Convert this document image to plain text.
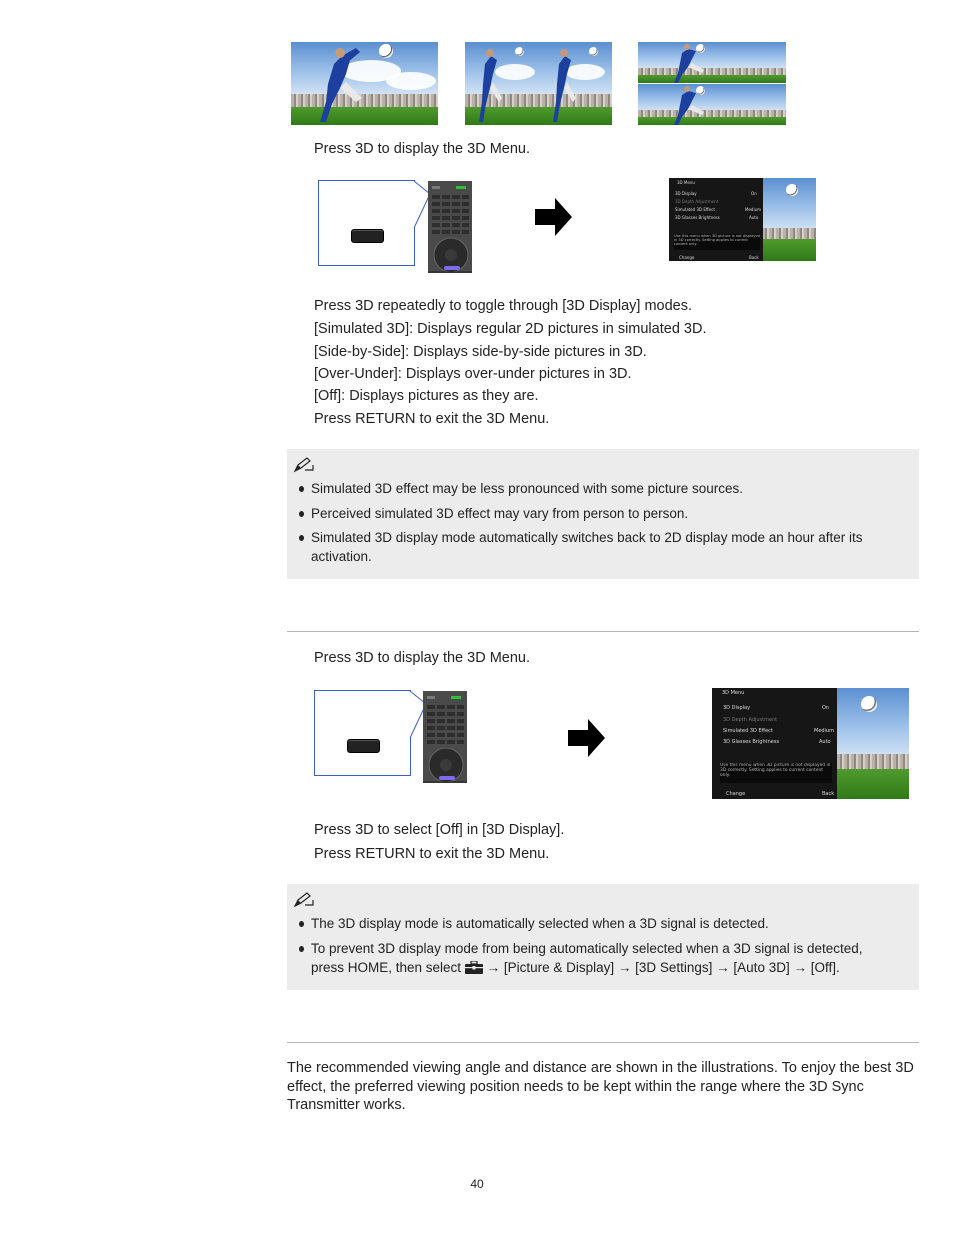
Press 3D to display the 3D Menu.
3D Menu
3D Display	On
3D Depth Adjustment
Simulated 3D Effect	Medium
3D Glasses Brightness	Auto
Use this menu when 3D picture is not displayed in 3D correctly. Setting applies to current content only.
Change	Back
Press 3D repeatedly to toggle through [3D Display] modes.
[Simulated 3D]: Displays regular 2D pictures in simulated 3D.
[Side-by-Side]: Displays side-by-side pictures in 3D.
[Over-Under]: Displays over-under pictures in 3D.
[Off]: Displays pictures as they are.
Press RETURN to exit the 3D Menu.
Simulated 3D effect may be less pronounced with some picture sources.
Perceived simulated 3D effect may vary from person to person.
Simulated 3D display mode automatically switches back to 2D display mode an hour after its activation.
Press 3D to display the 3D Menu.
3D Menu
3D Display	On
3D Depth Adjustment
Simulated 3D Effect	Medium
3D Glasses Brightness	Auto
Use this menu when 3D picture is not displayed in 3D correctly. Setting applies to current content only.
Change	Back
Press 3D to select [Off] in [3D Display].
Press RETURN to exit the 3D Menu.
The 3D display mode is automatically selected when a 3D signal is detected.
To prevent 3D display mode from being automatically selected when a 3D signal is detected, press HOME, then select → [Picture & Display] → [3D Settings] → [Auto 3D] → [Off].
The recommended viewing angle and distance are shown in the illustrations. To enjoy the best 3D effect, the preferred viewing position needs to be kept within the range where the 3D Sync Transmitter works.
40
